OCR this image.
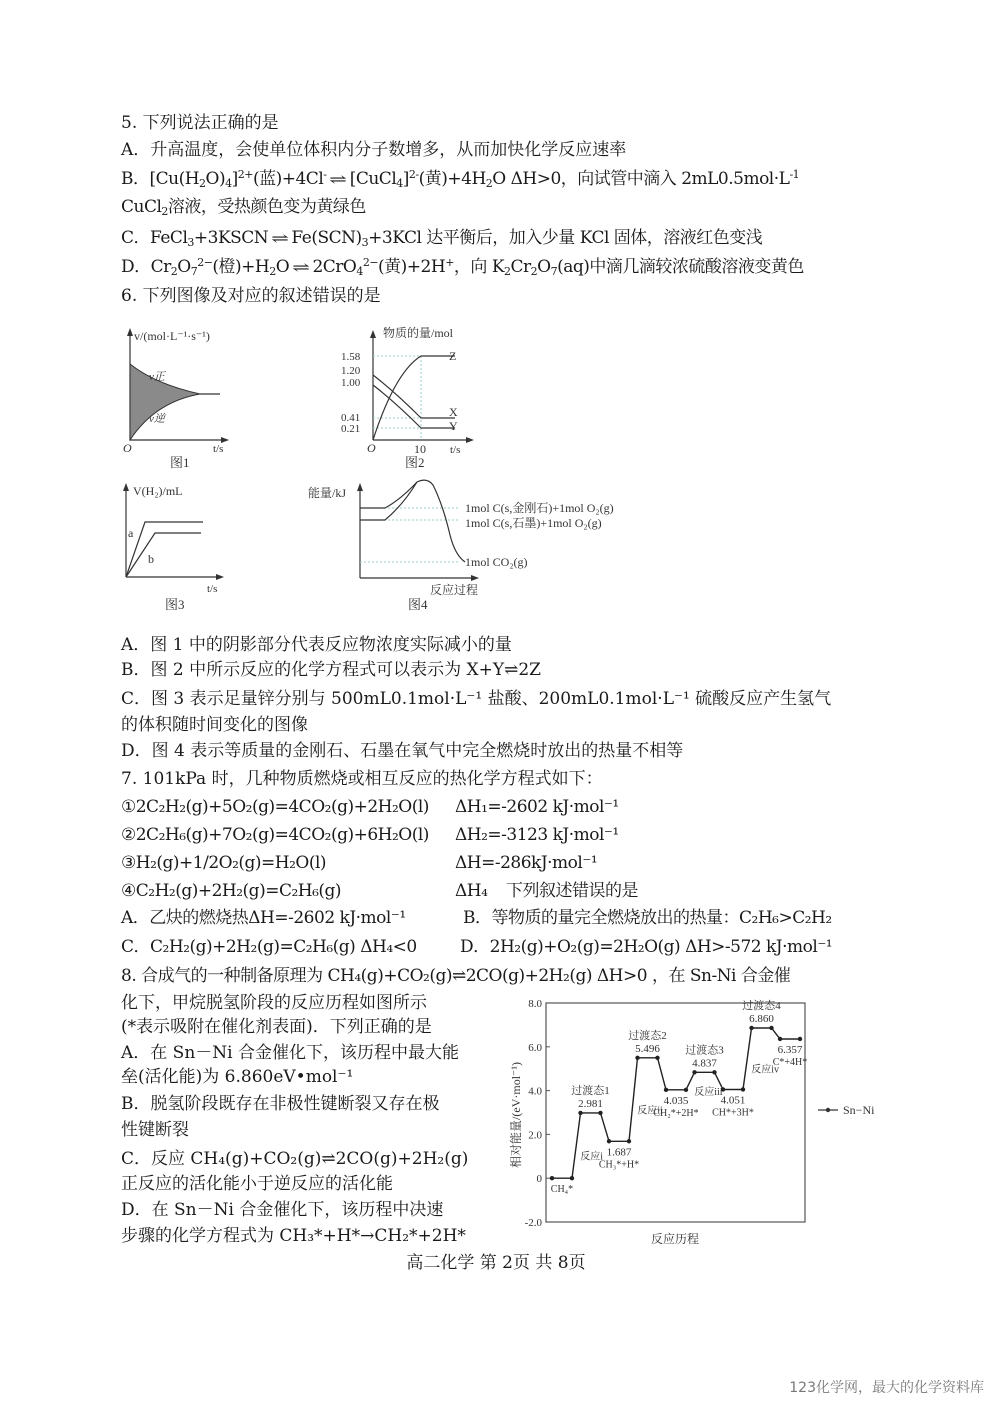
5. 下列说法正确的是
A．升高温度，会使单位体积内分子数增多，从而加快化学反应速率
B．$[Cu(H_2O)_4]^{2+}$(蓝)+4Cl- ⇌ [CuCl$_4$]$^{2-}$(黄)$+4H_2O$ ΔH>0，向试管中滴入 $2mL0.5mol\cdot L^{-1}$
CuCl$_2$溶液，受热颜色变为黄绿色
C．FeCl$_3$+3KSCN ⇌ $Fe(SCN)_3+3KCl$ 达平衡后，加入少量 KCl 固体，溶液红色变浅
D．$Cr_2O_7^{2-}$(橙)$+H_2O$ ⇌ 2CrO$_4^{2-}$(黄)+2H+，向 $K_2Cr_2O_7(aq)$中滴几滴较浓硫酸溶液变黄色
6. 下列图像及对应的叙述错误的是
v/(mol·L⁻¹·s⁻¹)
v正
v逆
O	t/s
图1
物质的量/mol
1.58
1.20
1.00
0.41
0.21
Z
X
Y
O	10 t/s
图2
V(H₂)/mL
a
b
t/s
图3
能量/kJ
1mol C(s,金刚石)+1mol O₂(g)
1mol C(s,石墨)+1mol O₂(g)
1mol CO₂(g)
反应过程
图4
A．图 1 中的阴影部分代表反应物浓度实际减小的量
B．图 2 中所示反应的化学方程式可以表示为 X+Y⇌2Z
C．图 3 表示足量锌分别与 500mL0.1mol·L⁻¹ 盐酸、200mL0.1mol·L⁻¹ 硫酸反应产生氢气
的体积随时间变化的图像
D．图 4 表示等质量的金刚石、石墨在氧气中完全燃烧时放出的热量不相等
7. 101kPa 时，几种物质燃烧或相互反应的热化学方程式如下：
①2C₂H₂(g)+5O₂(g)=4CO₂(g)+2H₂O(l) ΔH₁=-2602 kJ·mol⁻¹
②2C₂H₆(g)+7O₂(g)=4CO₂(g)+6H₂O(l) ΔH₂=-3123 kJ·mol⁻¹
③H₂(g)+1/2O₂(g)=H₂O(l)	ΔH=-286kJ·mol⁻¹
④C₂H₂(g)+2H₂(g)=C₂H₆(g)	ΔH₄ 下列叙述错误的是
A．乙炔的燃烧热ΔH=-2602 kJ·mol⁻¹	B．等物质的量完全燃烧放出的热量：C₂H₆>C₂H₂
C．C₂H₂(g)+2H₂(g)=C₂H₆(g) ΔH₄<0	D．2H₂(g)+O₂(g)=2H₂O(g) ΔH>-572 kJ·mol⁻¹
8. 合成气的一种制备原理为 CH₄(g)+CO₂(g)⇌2CO(g)+2H₂(g) ΔH>0 ，在 Sn-Ni 合金催
化下，甲烷脱氢阶段的反应历程如图所示
(*表示吸附在催化剂表面)．下列正确的是
A．在 Sn－Ni 合金催化下，该历程中最大能
垒(活化能)为 6.860eV•mol⁻¹
B．脱氢阶段既存在非极性键断裂又存在极
性键断裂
C．反应 CH₄(g)+CO₂(g)⇌2CO(g)+2H₂(g)
正反应的活化能小于逆反应的活化能
D．在 Sn－Ni 合金催化下，该历程中决速
步骤的化学方程式为 CH₃*+H*→CH₂*+2H*
相对能量/(eV·mol⁻¹)
反应历程
8.0
6.0
4.0
2.0
0
-2.0
CH₄*
2.981
过渡态1
1.687
CH₃*+H*
5.496
过渡态2
4.035
CH₂*+2H*
4.837
过渡态3
4.051
CH*+3H*
6.860
过渡态4
6.357
C*+4H*
反应i
反应ii
反应iii
反应iv
Sn−Ni
高二化学 第 2页 共 8页
123化学网，最大的化学资料库
